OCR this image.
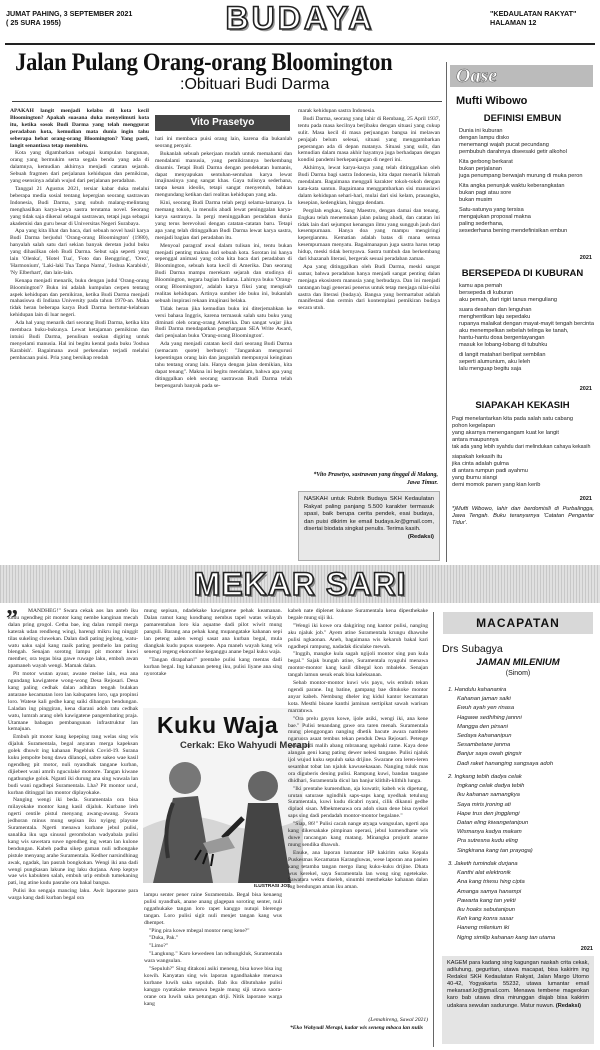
JUMAT PAHING, 3 SEPTEMBER 2021
( 25 SURA 1955)	BUDAYA	"KEDAULATAN RAKYAT"
HALAMAN 12
Jalan Pulang Orang-orang Bloomington
:Obituari Budi Darma

APAKAH langit menjadi kelabu di kota kecil Bloomington? Apakah suasana duka menyelimuti kota itu, ketika sosok Budi Darma yang telah menggurat peradaban kota, kemudian mata dunia ingin tahu seberapa hebat orang-orang Bloomington? Yang pasti, langit senantiasa tetap membiru.

Kota yang digambarkan sebagai kumpulan bangunan, orang yang bermukim serta segala benda yang ada di dalamnya, kemudian akhirnya menjadi catatan sejarah. Sebuah fragmen dari perjalanan kehidupan dan pemikiran, yang esensinya adalah wujud dari perjalanan peradaban.

Tanggal 21 Agustus 2021, tersiar kabar duka melalui beberapa media sosial tentang kepergian seorang sastrawan Indonesia, Budi Darma, yang subuh malang-melintang menghasilkan karya-karya sastra terutama novel. Seorang yang tidak saja dikenal sebagai sastrawan, tetapi juga sebagai akademisi dan guru besar di Universitas Negeri Surabaya.

Apa yang kita lihat dan baca, dari sebuah novel hasil karya Budi Darma berjudul 'Orang-orang Bloomington' (1980), hanyalah salah satu dari sekian banyak deretan judul buku yang dihasilkan oleh Budi Darma. Sebut saja seperti yang lain 'Olenka', 'Hotel Tua', 'Foto dan Benggring', 'Orez', 'Harmonium', 'Laki-laki Tua Tanpa Nama', 'Joshua Karabish', 'Ny Elberhart', dan lain-lain.

Kenapa menjadi menarik, buku dengan judul 'Orang-orang Bloomington'? Buku ini adalah kumpulan cerpen tentang aspek kehidupan dan pemikiran, ketika Budi Darma menjadi mahasiswa di Indiana University pada tahun 1970-an. Maka tidak heran beberapa karya Budi Darma bertutur-kelabuan kehidupan lain di luar negeri.

Ada hal yang menarik dari seorang Budi Darma, ketika kita membaca buku-bukunya. Lewat ketajaman pemikiran dan intuisi Budi Darma, penulisan seakan digiring untuk menyelami manusia. Hal ini begitu kental pada buku 'Joshua Karabish'. Bagaimana awal perkenalan terjadi melalui pembacaan puisi. Pria yang bersikap rendah

Vito Prasetyo

hati ini membaca puisi orang lain, karena dia bukanlah seorang penyair.

Bukanlah sebuah pekerjaan mudah untuk memahami dan mendalami manusia, yang pemikirannya berkembang dinamis. Tetapi Budi Darma dengan pendekatan humanis, dapat menyapukan sentuhan-sentuhan karya lewat imajinasinya yang sangat khas. Gaya tulisnya sederhana, tanpa kesan ideolis, tetapi sangat menyentuh, bahkan mengundang ketikan dari realitas kehidupan yang ada.

Kini, seorang Budi Darma telah pergi selama-lamanya. Ia memang tokoh, ia menulis abadi lewat peninggalan karya-karya sastranya. Ia pergi meninggalkan peradaban dunia yang terus berevolusi dengan catatan-catatan baru. Tetapi apa yang telah ditinggalkan Budi Darma lewat karya sastra, menjadi bagian dari peradaban itu.

Menyoal paragraf awal dalam tulisan ini, tentu bukan menjadi penting makna dari sebuah kota. Sorotan ini hanya sepenggal animasi yang coba kita baca dari peradaban di Bloomington, sebuah kota kecil di Amerika. Dan seorang Budi Darma mampu merekam sejarah dan studinya di Bloomington, negara bagian Indiana. Lahirnya buku 'Orang-orang Bloomington', adalah karya fiksi yang mengisah realitas kehidupan. Artinya sumber ide buku ini, bukanlah sebuah inspirasi rekaan imajinasi belaka.

Tidak heran jika kemudian buku ini diterjemahkan ke versi bahasa Inggris, karena termasuk salah satu buku yang diminati oleh orang-orang Amerika. Dan sangat wajar jika Budi Darma mendapatkan penghargaan SEA Write Award, dari penjualan buku 'Orang-orang Bloomington'.

Ada yang menjadi catatan kecil dari seorang Budi Darma (semacam quote) berbunyi: "Jangankan mengurusi kepentingan orang lain dan janganlah mempunyai keinginan tahu tentang orang lain. Hanya dengan jalan demikian, kita dapat tenang". Makna ini begitu mendalam, bahwa apa yang ditinggalkan oleh seorang sastrawan Budi Darma telah berpengaruh banyak pada se-

marak kehidupan sastra Indonesia.

Budi Darma, seorang yang lahir di Rembang, 25 April 1937, tentu pada masa kecilnya berjibaku dengan situasi yang cukup sulit. Masa kecil di masa perjuangan bangsa ini melawan penjajah belum selesai, situasi yang menggambarkan peperangan ada di depan matanya. Situasi yang sulit, dan kemudian dalam masa akhir hayatnya juga berhadapan dengan kondisi pandemi berkepanjangan di negeri ini.

Akhirnya, lewat karya-karya yang telah ditinggalkan oleh Budi Darma bagi sastra Indonesia, kita dapat menarik hikmah mendalam. Bagaimana menggali karakter tokoh-tokoh dengan kata-kata santun. Bagaimana menggambarkan sisi manusiawi dalam kehidupan sehari-hari, mulai dari sisi kelam, prasangka, kesepian, kedengkian, hingga dendam.

Pergilah engkau, Sang Maestro, dengan damai dan tenang. Engkau telah menemukan jalan pulang abadi, dan catatan ini tidak lain dari sejumput kenangan ilmu yang sungguh jauh dari kesempurnaan. Hanya doa yang mampu mengiringi kepergianmu. Kematian adalah batas di mana semua kesempurnaan menyatu. Bagaimanapun juga sastra harus tetap hidup, meski tidak bernyawa. Sastra tumbuh dan berkembang dari khazanah literasi, bergerak sesuai peradaban zaman.

Apa yang ditinggalkan oleh Budi Darma, meski sangat samar, bahwa peradaban hanya menjadi sangat penting dalan menjaga ekosistem manusia yang berbudaya. Dan ini menjadi tantangan bagi generasi penerus untuk tetap menjaga nilai-nilai sastra dan literasi (budaya). Bangsa yang bermartabat adalah manifestasi dan cermin dari kontemplasi pemikiran budaya secara utuh.

*Vito Prasetyo, sastrawan yang tinggal di Malang, Jawa Timur.
NASKAH untuk Rubrik Budaya SKH Kedaulatan Rakyat paling panjang 5.500 karakter termasuk spasi, baik berupa cerita pendek, esai budaya, dan puisi dikirim ke email budaya.kr@gmail.com, disertai biodata singkat penulis. Terima kasih.
(Redaksi)
Oase
Mufti Wibowo
DEFINISI EMBUN
Dunia ini kuburan
dengan lampu disko
menemangi wajah pucat pecundang
pembubuh darahnya diseesaki getir alkohol
Kita gerbong berkarat
bukan perjalanan
juga penumpang berwajah murung di muka peron
Kita angka penunjuk waktu keberangkatan
bukan pagi atau sore
bukan musim
Satu-satunya yang tersisa
mengajukan proposal makna
paling sederhana,
sesederhana bening mendefinisikan embun
2021
BERSEPEDA DI KUBURAN
kamu apa pemah
bersepeda di kuburan
aku pemah, dari rigiri tanus menguliang
suara desahan dan lenguhan
menghentikan laju sepedaku
rupanya malaikat dengan mayat-mayit tengah bercinta
aku menempelkan sebelah telinga ke tanah,
hantu-hantu dosa bergentayangan
masuk ke lobang-lobang di tubuhku
di langit matahari berlipat sembilan
seperti alumunium, aku leleh
lalu menguap begitu saja
2021
SIAPAKAH KEKASIH
Pagi menelantarkan kita pada salah satu cabang
pohon kegelapan
yang akarnya menengangam kuat ke langit
antara maupunnya
tak ada yang lebih syahdu dari melindukan cahaya kekasih
siapakah kekasih itu
jika cinta adalah gulma
di antara rumpun padi ayahmu
yang ibumu siangi
demi momok panen yang kian kerib
2021
*)Mufti Wibowo, lahir dan berdomisili di Purbalingga, Jawa Tengah. Buku teranyarnya 'Catatan Pengantar Tidur'.
MEKAR SARI
”	MANDHEG!" Swara cekak aos lan anteb iku kudu ngendheg pit montor kang nembe kanginan mecah dalan pring grogol. Cetha bae, ing dalan rumpil merga katerak udan rendheng wingi, barengi mikru ing ninggit tilas sukeling cluwekan. Dalan dadi pating jeglong, watu-watu uaku sajal kang raaik pating penthelo lan pating blengah. Senajan sorotng lampu pit montor kuwi menther, ora tegas bisa gawe ruwage laku, emboh awan apamaneh wayah wengi. Mamak dalan.

Pit motor wutan ayaur, awane meine iain, esa ana ngundang kawigatene wong-wong Desa Rejosari. Desa kang paling cedhak dalan adhitan tengah bulakan antarane kecamatan loro lan kabupaten loro, uga propinsi loro. Watese kali gedhe kang saiki dibangun bendungan. Laladan ing pinggiran, kena diarani adoh ratu cedhak watu, lumrah arang oleh kawigatene pangembating praja. Utamane babagan pembangunan infrastruktur lan kemajuan.

Embuh pit motor kang kepeping rang welas sing wis dijaluk Suramentala, begal anyaran merga kapeksan golek dhuwit ing kahanan Pagebluk Covid-19. Surana kuku jempolte bong dawa dilanopi, sabre sakeo wae kasil ngendheg pit motor, nuli nyandhak tangane kurban, dijiebeet wani amrih nguculaké montore. Tangan kiwane ngathungke golok. Nganti iki durung ana sing wawala lan budi wani ngadhepi Suramentala. Lha? Pit montor ucul, kurban ditinggal lan montor diplayokake.

Nanging wengi iki beda. Suramentala ora bisa milayokake montor kang kasil dijaluk. Kurbane ireh ngerti centile pistul menyang awang-awang. Swara jedhoran minus mung sepisan iku nyigeg playune Suramentala. Ngerti menawa kurbane jebul pulisi, sanalika iku uga sinusul gerombolan wadyabala pulisi kang wis sawetara suwe ngendheg ing wetan lan kulone bendungan. Kabeh padha sikep gaman nuli ndhongake pistule menyang arahe Suramentala. Kedher narsindhinag awak, ngadak, lan pasrah bongkokan. Wengi iki ana dadi wengi pungkasan lakune ing laku durjana. Arep keptye wae wis kabukten salah, embuh urip embuh tumekaning pati, ing atine kudu pasrahe ora bakal bangsa.

Pulisi iku sengaja mancing laku. Awit laporane para warga kang dadi kurban begal ora

mung sepisan, ndadekake kawigatene pehak keamanan. Dalan ramut kang kondhang nembus tapel watas wilayah pamarentahan loro kia aquatne dadi pilot wiwit mung panguli. Barang ana pehak kang mupangatake kahanan sepi lan peteng aalen wengi sasat ana kurban begal, mula diangkak kudu pupus susepete. Apa maneh wayah kang wis senengi regeng ekonomine keganggu anane begal kuku waja.

"Tangan dirapahan!" prentahe pulisi kang mentas dadi kurban begal. Ing kahanan peteng iku, pulisi liyane ana sing nyorotake

Kuku Waja
Cerkak: Eko Wahyudi Merapi
ILUSTRASI JOS

lampu senter pener raine Suramentala. Begal bisa kenaeng pulisi nyandhak, anane anang glagepan soroting senter, nuli nggathukake tangan loro rapet kanggo nutupi blerenge tangan. Loro pulisi sigit nuli menjet tangan kang wus dhempet.

"Ping pira kowe mbegal montor neng kene?"

"Duka, Pak."

"Limo?"

"Langkung." Karo kewedeen lan ndhungkluk, Suramentala wara wangsulan.

"Sepuluh?" Sing ditakoni asiki meneng, bisa kowe bisa ing kowih. Kanyatan sing wis laporan ngandhakake menawa kurbane luwih saka sepuluh. Bab iku dibutuhake pulisi kanggo nyatakake menawa begale mung siji utawa saora-orane ora luwih saka petungan driji. Nitik laporane warga kang

kabeh nate diplenet kukune Suramentala kena dipesthekake begale mung siji iki.

"Wengi iki kowe ora dakgiring nng kantor pulisi, nanging aku njaluk job." Ayem atine Suramentala krungu dhawuhe pulisi ngkaonan. Aneh, bagaimana wis kekaruh bakal kari ngadhepi rampung, nadadak diculake mewah.

"Inggih, mangke kula sagah ngijoli montor sing pun kula begal." Sajak bungah atine, Suramentala nyaguhi menawa montor-montor kang kasil dibegal kon mbaleke. Senajan tangah lamun sesuk enak bisa kaleksanan.

Sebab montor-montor kuwi wis payu, wis embuh tekan ngendi parane. Ing batine, gampang bae ditukoke montor anyar kabeh. Nembung dheler ing kidul kantor kecamatan kota. Mesthi bisane kanthi jaminan sertipikat sawah warisan marratuwa.

"Ora prelu gayon kowe, ijole asiki, wengi iki, ana kene bae." Pulisi tenandang gawe ora taren menah. Suramentala mung plenggongan nanging dhetik bacute awara nambete ngaruora asaat tembus tekan penduk Desa Rejosari. Petenge wengi dadi malih abang mbranang ngebaki rame. Kaya dene alangan geni kang pating dewer nelesi tangane. Pulisi njaluk ijol wujud kuku sepuluh saka drijine. Swarane ora leren-leren sesambat tobat lan njaluk kawusekasaan. Nanging tuluk mas ora diguberis dening pulisi. Rampung kuwi, bandan tangane dhidhari, Suramentala dicul lan banjur klithih-klithih lunga.

"Iki prentahe kumendhan, aja kuwatir, kabeh wis dipetung, urutan saturase ngindhik saps-saps kang nyedhak tetulung Suramentala, kuwi kudu dicabri nyani, cilik dikanni gedhe diplaol sisan. Mbekmenawa ora adoh sisan dene bisa nyekel saps sing dadi pendadah montor-montor begalane."

"Siap, 86!" Pulisi cacah nange atyaga wangsulan, ngerti apa kang dikersakake pimpinan operasi, jebul kumendhane wis duwe rancangan kang matang. Minangka projurit aname mung sendika dhawuh.

Enuke, ana laporan lumantar HP kakirim saka Kepala Puskesmas Kecamatan Karangluwas, wese laporan ana pasien kang tetamba tangan mergo ilang kuku-kuku drijine. Dhata wus kerekel, saya Suramentala lan wong sing ngetekake. Sawatara wektu diseleh, sinumbi mesthekake kahanan dalan ing bendungan aman iku aman.

(Lemahireng, Sawal 2021)
*Eko Wahyudi Merapi, kadar wis seneng mbaca lan nulis
MACAPATAN
Drs Subagya
JAMAN MILENIUM
(Sinom)
1. Handulu kahananira
Kahanan jaman saiki
Ewuh ayah yen rinasa
Hagawe sedhihing jannni
Mangga den pirsani
Sedaya kahananipun
Sesambetane janma
Banjur saya owah gingsir
Dadi raket hananging sangsaya adoh
2. Ingkang tebih dadya celak
Ingkang celak dadya tebih
Iku kahanan samangkya
Saya miris jroning ati
Hape trus den jingglengi
Datan eling kiwangetanipun
Wismanya kadya makam
Pra sutresna kudu eling
Singkirana kang tan prayoga)
3. Jaketh tumindak durjana
Kanthi alat elektronik
Ana kang triwsu hing cipta
Amanga samya hanampi
Pawarta kang tan yekti
Iku hoaks sebutanipun
Keh kang konra sasar
Haneng milenium iki
Nging similip kahanan kang tan utama
2021
KAGEM para kadang sing kagungan naskah crita cekak, adiluhung, geguritan, utawa macapat, bisa kakirim ing Redaksi SKH Kedaulatan Rakyat, Jalan Margo Utomo 40-42, Yogyakarta 55232, utawa lumantar email mekarsari.kr@gmail.com. Menawa tembene mageokan karo bab utawa dina mirunggan diajab bisa kakirim udakara sewulan sadurunge. Matur nuwun. (Redaksi)
